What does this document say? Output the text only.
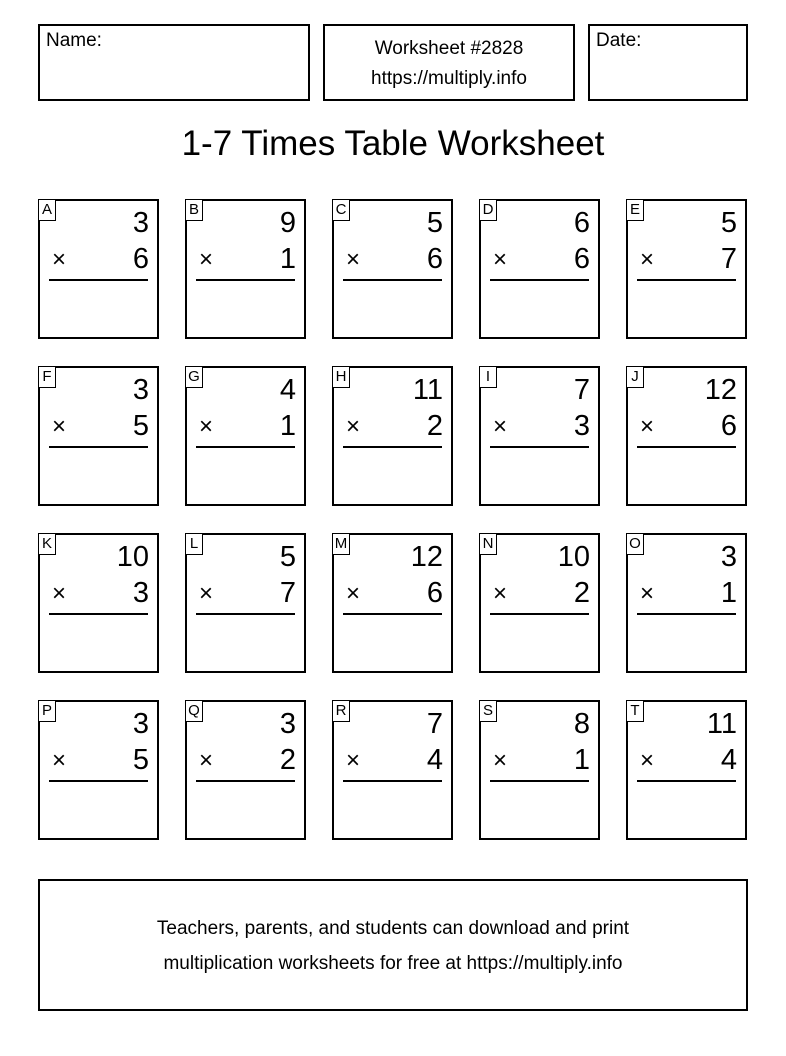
Name:	Worksheet #2828
https://multiply.info
Date:
1-7 Times Table Worksheet
A	3
× 6
B	9
× 1
C	5
× 6
D	6
× 6
E	5
× 7
F	3
× 5
G	4
× 1
H 11
× 2
I	7
× 3
J 12
× 6
K 10
× 3
L	5
× 7
M 12
× 6
N 10
× 2
O	3
× 1
P	3
× 5
Q	3
× 2
R	7
× 4
S	8
× 1
T 11
× 4
Teachers, parents, and students can download and print
multiplication worksheets for free at https://multiply.info
